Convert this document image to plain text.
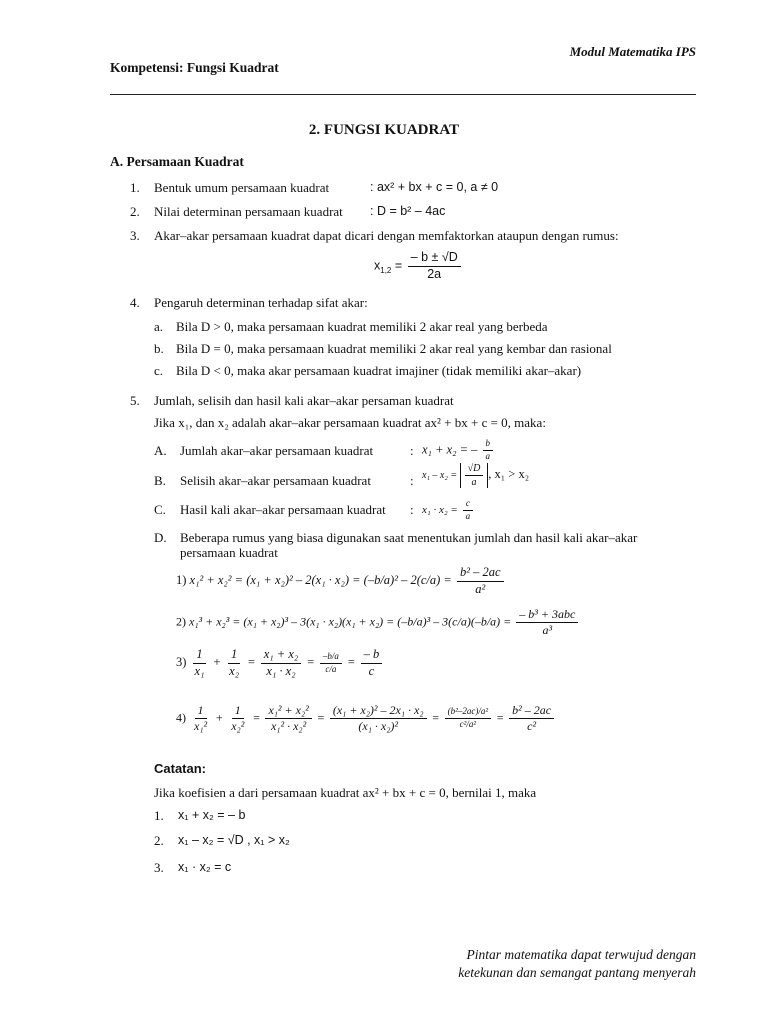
Modul Matematika IPS
Kompetensi: Fungsi Kuadrat
2. FUNGSI KUADRAT
A. Persamaan Kuadrat
1. Bentuk umum persamaan kuadrat	: ax² + bx + c = 0, a ≠ 0
2. Nilai determinan persamaan kuadrat : D = b² – 4ac
3. Akar–akar persamaan kuadrat dapat dicari dengan memfaktorkan ataupun dengan rumus:
$x_{1,2} = \frac{- b \pm √D}{2a}$
4. Pengaruh determinan terhadap sifat akar:
a. Bila D > 0, maka persamaan kuadrat memiliki 2 akar real yang berbeda
b. Bila D = 0, maka persamaan kuadrat memiliki 2 akar real yang kembar dan rasional
c. Bila D < 0, maka akar persamaan kuadrat imajiner (tidak memiliki akar–akar)
5. Jumlah, selisih dan hasil kali akar–akar persaman kuadrat
Jika x₁, dan x₂ adalah akar–akar persamaan kuadrat ax² + bx + c = 0, maka:
A. Jumlah akar–akar persamaan kuadrat	: x₁ + x₂ = – $\frac{b}{a}$
B. Selisih akar–akar persamaan kuadrat	: $x_1 - x_2 = \frac{√D}{a}$ , x₁ > x₂
C. Hasil kali akar–akar persamaan kuadrat : $x_1 \cdot x_2 = \frac{c}{a}$
D. Beberapa rumus yang biasa digunakan saat menentukan jumlah dan hasil kali akar–akar
persamaan kuadrat
1) $x_1^2 + x_2^2 = (x_1 + x_2)^2 - 2(x_1 \cdot x_2) = (-b/a)^2 - 2(c/a) = \frac{\text{b² – 2ac}}{\text{a²}}$
2) $x_1^3 + x_2^3 = (x_1 + x_2)^3 - 3(x_1 \cdot x_2)(x_1 + x_2) = (-b/a)^3 - 3(c/a)(-b/a) = \frac{\text{– b³ + 3abc}}{\text{a³}}$
$3) \frac{1}{\text{x₁}} + \frac{1}{\text{x₂}} = \frac{\text{x₁ + x₂}}{\text{x₁ · x₂}} = \frac{-b/a}{c/a} = \frac{- b}{c}$
$4) \frac{1}{\text{x₁²}} + \frac{1}{\text{x₂²}} = \frac{\text{x₁² + x₂²}}{\text{x₁² · x₂²}} = \frac{\text{(x₁ + x₂)² – 2x₁ · x₂}}{\text{(x₁ · x₂)²}} = \frac{\text{(b²–2ac)/a²}}{\text{c²/a²}} = \frac{\text{b² – 2ac}}{\text{c²}}$
Catatan:
Jika koefisien a dari persamaan kuadrat ax² + bx + c = 0, bernilai 1, maka
1. x₁ + x₂ = – b
2. x₁ – x₂ = √D , x₁ > x₂
3. x₁ · x₂ = c
Pintar matematika dapat terwujud dengan
ketekunan dan semangat pantang menyerah
